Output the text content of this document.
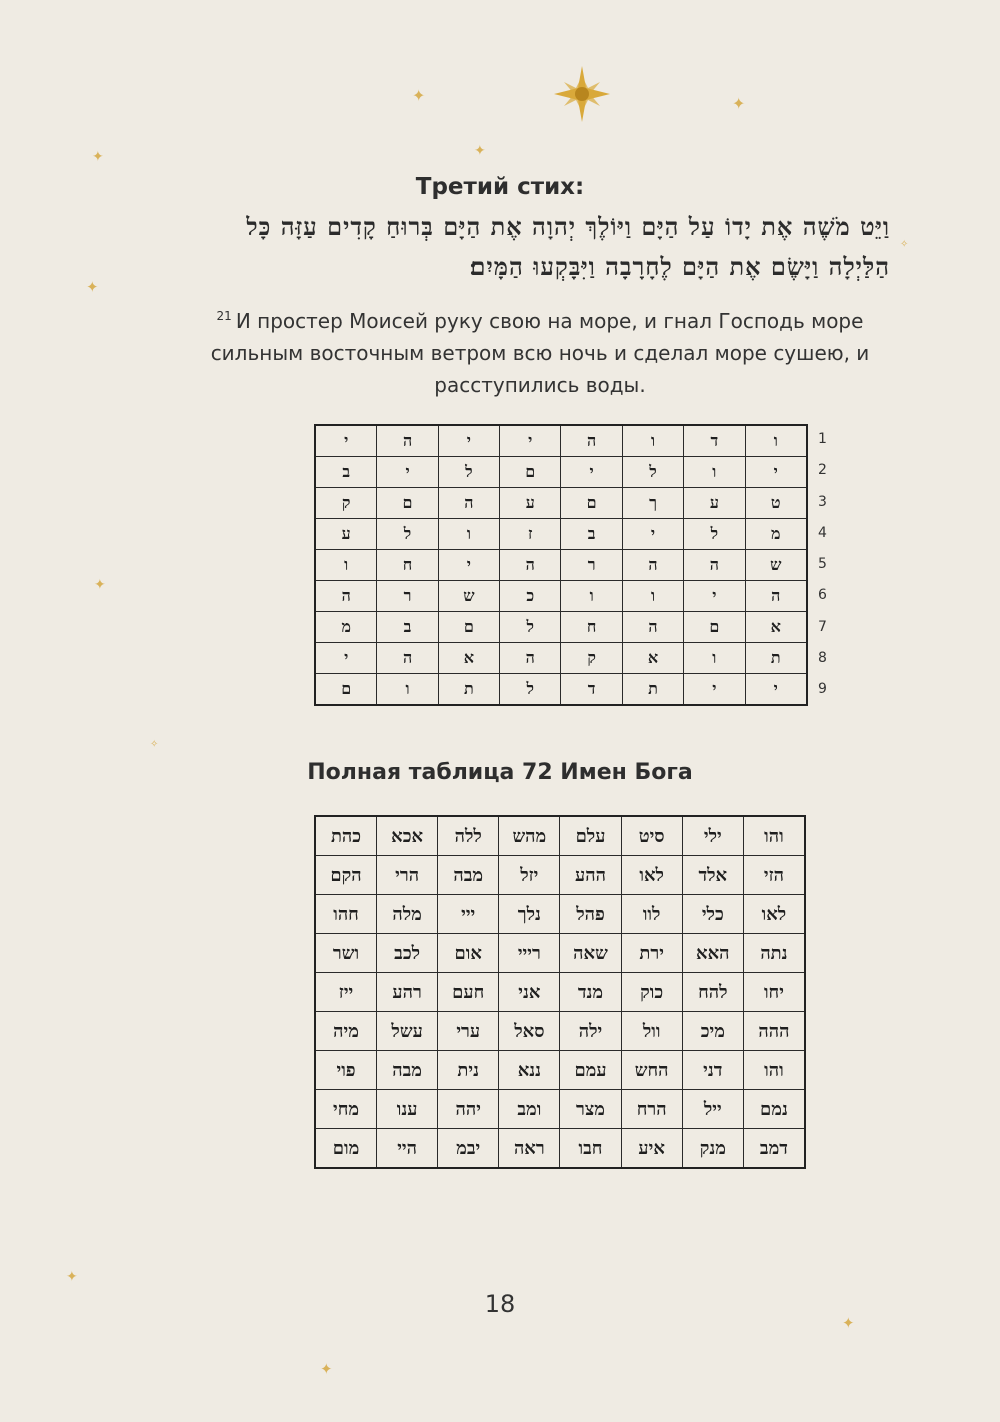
✦	✦
✦
✦
✦
✦
✦
✦
✦
✧
✧
Третий стих:
וַיֵּט מֹשֶׁה אֶת יָדוֹ עַל הַיָּם וַיּוֹלֶךְ יְהוָה אֶת הַיָּם בְּרוּחַ קָדִים עַזָּה כָּל
הַלַּיְלָה וַיָּשֶׂם אֶת הַיָּם לֶחָרָבָה וַיִּבָּקְעוּ הַמָּיִם׃
$^{21}$ И простер Моисей руку свою на море, и гнал Господь море сильным восточным ветром всю ночь и сделал море сушею, и расступились воды.
י	ה	י	י	ה	ו	ד	ו
ב	י	ל	ם	י	ל	ו	י
ק	ם	ה	ע	ם	ך	ע	ט
ע	ל	ו	ז	ב	י	ל	מ
ו	ח	י	ה	ר	ה	ה	ש
ה	ר	ש	כ	ו	ו	י	ה
מ	ב	ם	ל	ח	ה	ם	א
י	ה	א	ה	ק	א	ו	ת
ם	ו	ת	ל	ד	ת	י	י
1
2
3
4
5
6
7
8
9
Полная таблица 72 Имен Бога
כהת	אכא	ללה	מהש	עלם	סיט	ילי	והו
הקם	הרי	מבה	יזל	ההע	לאו	אלד	הזי
חהו	מלה	ייי	נלך	פהל	לוו	כלי	לאו
ושר	לכב	אום	רייי	שאה	ירת	האא	נתה
ייז	רהע	חעם	אני	מנד	כוק	להח	יחו
מיה	עשל	ערי	סאל	ילה	וול	מיכ	ההה
פוי	מבה	נית	ננא	עמם	החש	דני	והו
מחי	ענו	יהה	ומב	מצר	הרח	ייל	נמם
מום	היי	יבמ	ראה	חבו	איע	מנק	דמב
18
